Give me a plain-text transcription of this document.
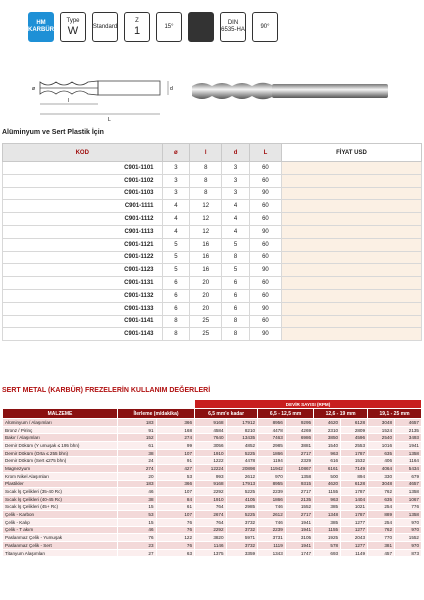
HM
KARBÜR
Type
W Standard
Z
1	15°
DIN
6535-HA
90°
l
L
d
ø
Alüminyum ve Sert Plastik İçin
KOD	ø	l	d	L	FİYAT USD
C901-1101	3	8	3	60	
C901-1102	3	8	3	60	
C901-1103	3	8	3	90	
C901-1111	4	12	4	60	
C901-1112	4	12	4	60	
C901-1113	4	12	4	90	
C901-1121	5	16	5	60	
C901-1122	5	16	8	60	
C901-1123	5	16	5	90	
C901-1131	6	20	6	60	
C901-1132	6	20	6	60	
C901-1133	6	20	6	90	
C901-1141	8	25	8	60	
C901-1143	8	25	8	90	
SERT METAL (KARBÜR) FREZELERİN KULLANIM DEĞERLERİ
			DEVİR SAYISI (RPM)							
MALZEME	İlerleme (m/dakika)		6,5 mm'e kadar		6,5 - 12,5 mm		12,6 - 19 mm		19,1 - 25 mm	
Alüminyum / Alaşımları	183	366	9168	17912	8956	9295	4620	6128	3048	4657
Bronz / Pirinç	91	168	4584	8210	4478	4269	2310	2809	1524	2135
Bakır / Alaşımları	152	274	7640	13435	7463	6986	3850	4596	2540	3493
Demir Döküm (Y umuşak ≤ 195 bhn)	61	99	3056	4852	2985	3881	1540	2553	1016	1941
Demir Döküm (Orta ≤ 255 bhn)	38	107	1910	5225	1866	2717	963	1787	635	1358
Demir Döküm (Sert ≤275 bhn)	24	91	1222	4478	1194	2329	616	1532	406	1164
Magnezyum	274	427	12224	20898	11942	10867	6161	7149	4064	5434
Krom Nikel Alaşımları	20	53	993	2612	970	1358	500	894	330	679
Plastikler	183	366	9168	17913	8955	9315	4620	6128	3048	4657
Sıcak İş Çelikleri (35-40 Rc)	46	107	2292	5225	2239	2717	1155	1787	762	1358
Sıcak İş Çelikleri (40-45 Rc)	38	84	1910	4105	1866	2135	963	1404	635	1067
Sıcak İş Çelikleri (45+ Rc)	15	61	764	2985	746	1552	385	1021	254	776
Çelik - Karbon	53	107	2674	5225	2612	2717	1348	1787	889	1358
Çelik - Kalıp	15	76	764	3732	746	1941	385	1277	254	970
Çelik - T akım	46	76	2292	3732	2239	1941	1155	1277	762	970
Paslanmaz Çelik - Yumuşak	76	122	3820	5971	3731	3105	1925	2043	770	1552
Paslanmaz Çelik - Sert	23	76	1146	3732	1119	1941	578	1277	381	970
Titanyum Alaşımları	27	63	1375	3359	1343	1747	693	1149	457	873
